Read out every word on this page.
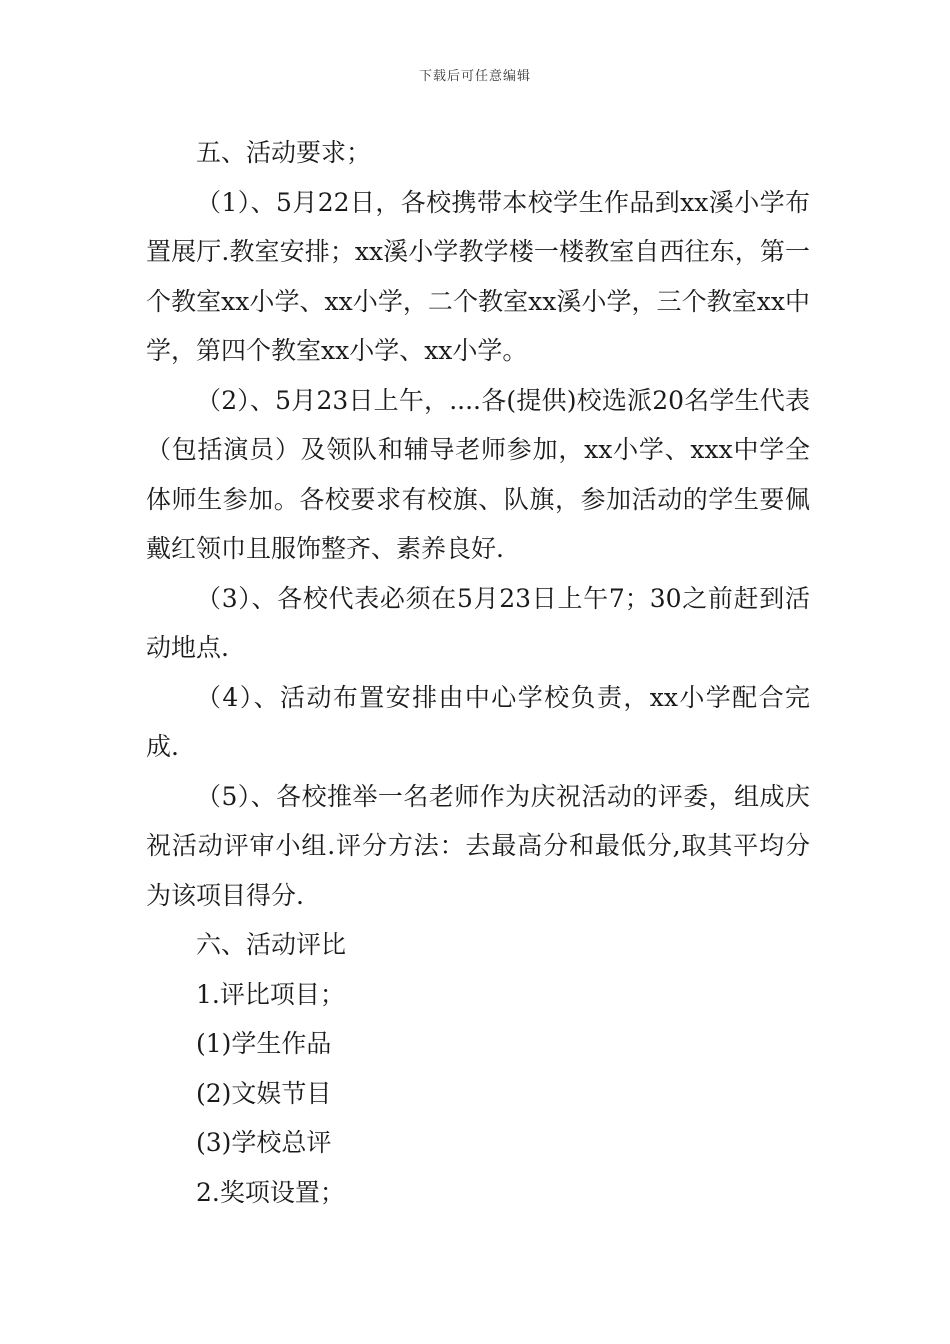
下载后可任意编辑

五、活动要求；

（1）、5月22日，各校携带本校学生作品到xx溪小学布置展厅.教室安排；xx溪小学教学楼一楼教室自西往东，第一个教室xx小学、xx小学，二个教室xx溪小学，三个教室xx中学，第四个教室xx小学、xx小学。

（2）、5月23日上午，....各(提供)校选派20名学生代表（包括演员）及领队和辅导老师参加，xx小学、xxx中学全体师生参加。各校要求有校旗、队旗，参加活动的学生要佩戴红领巾且服饰整齐、素养良好.

（3）、各校代表必须在5月23日上午7；30之前赶到活动地点.

（4）、活动布置安排由中心学校负责，xx小学配合完成.

（5）、各校推举一名老师作为庆祝活动的评委，组成庆祝活动评审小组.评分方法：去最高分和最低分,取其平均分为该项目得分.

六、活动评比

1.评比项目；

(1)学生作品

(2)文娱节目

(3)学校总评

2.奖项设置；
